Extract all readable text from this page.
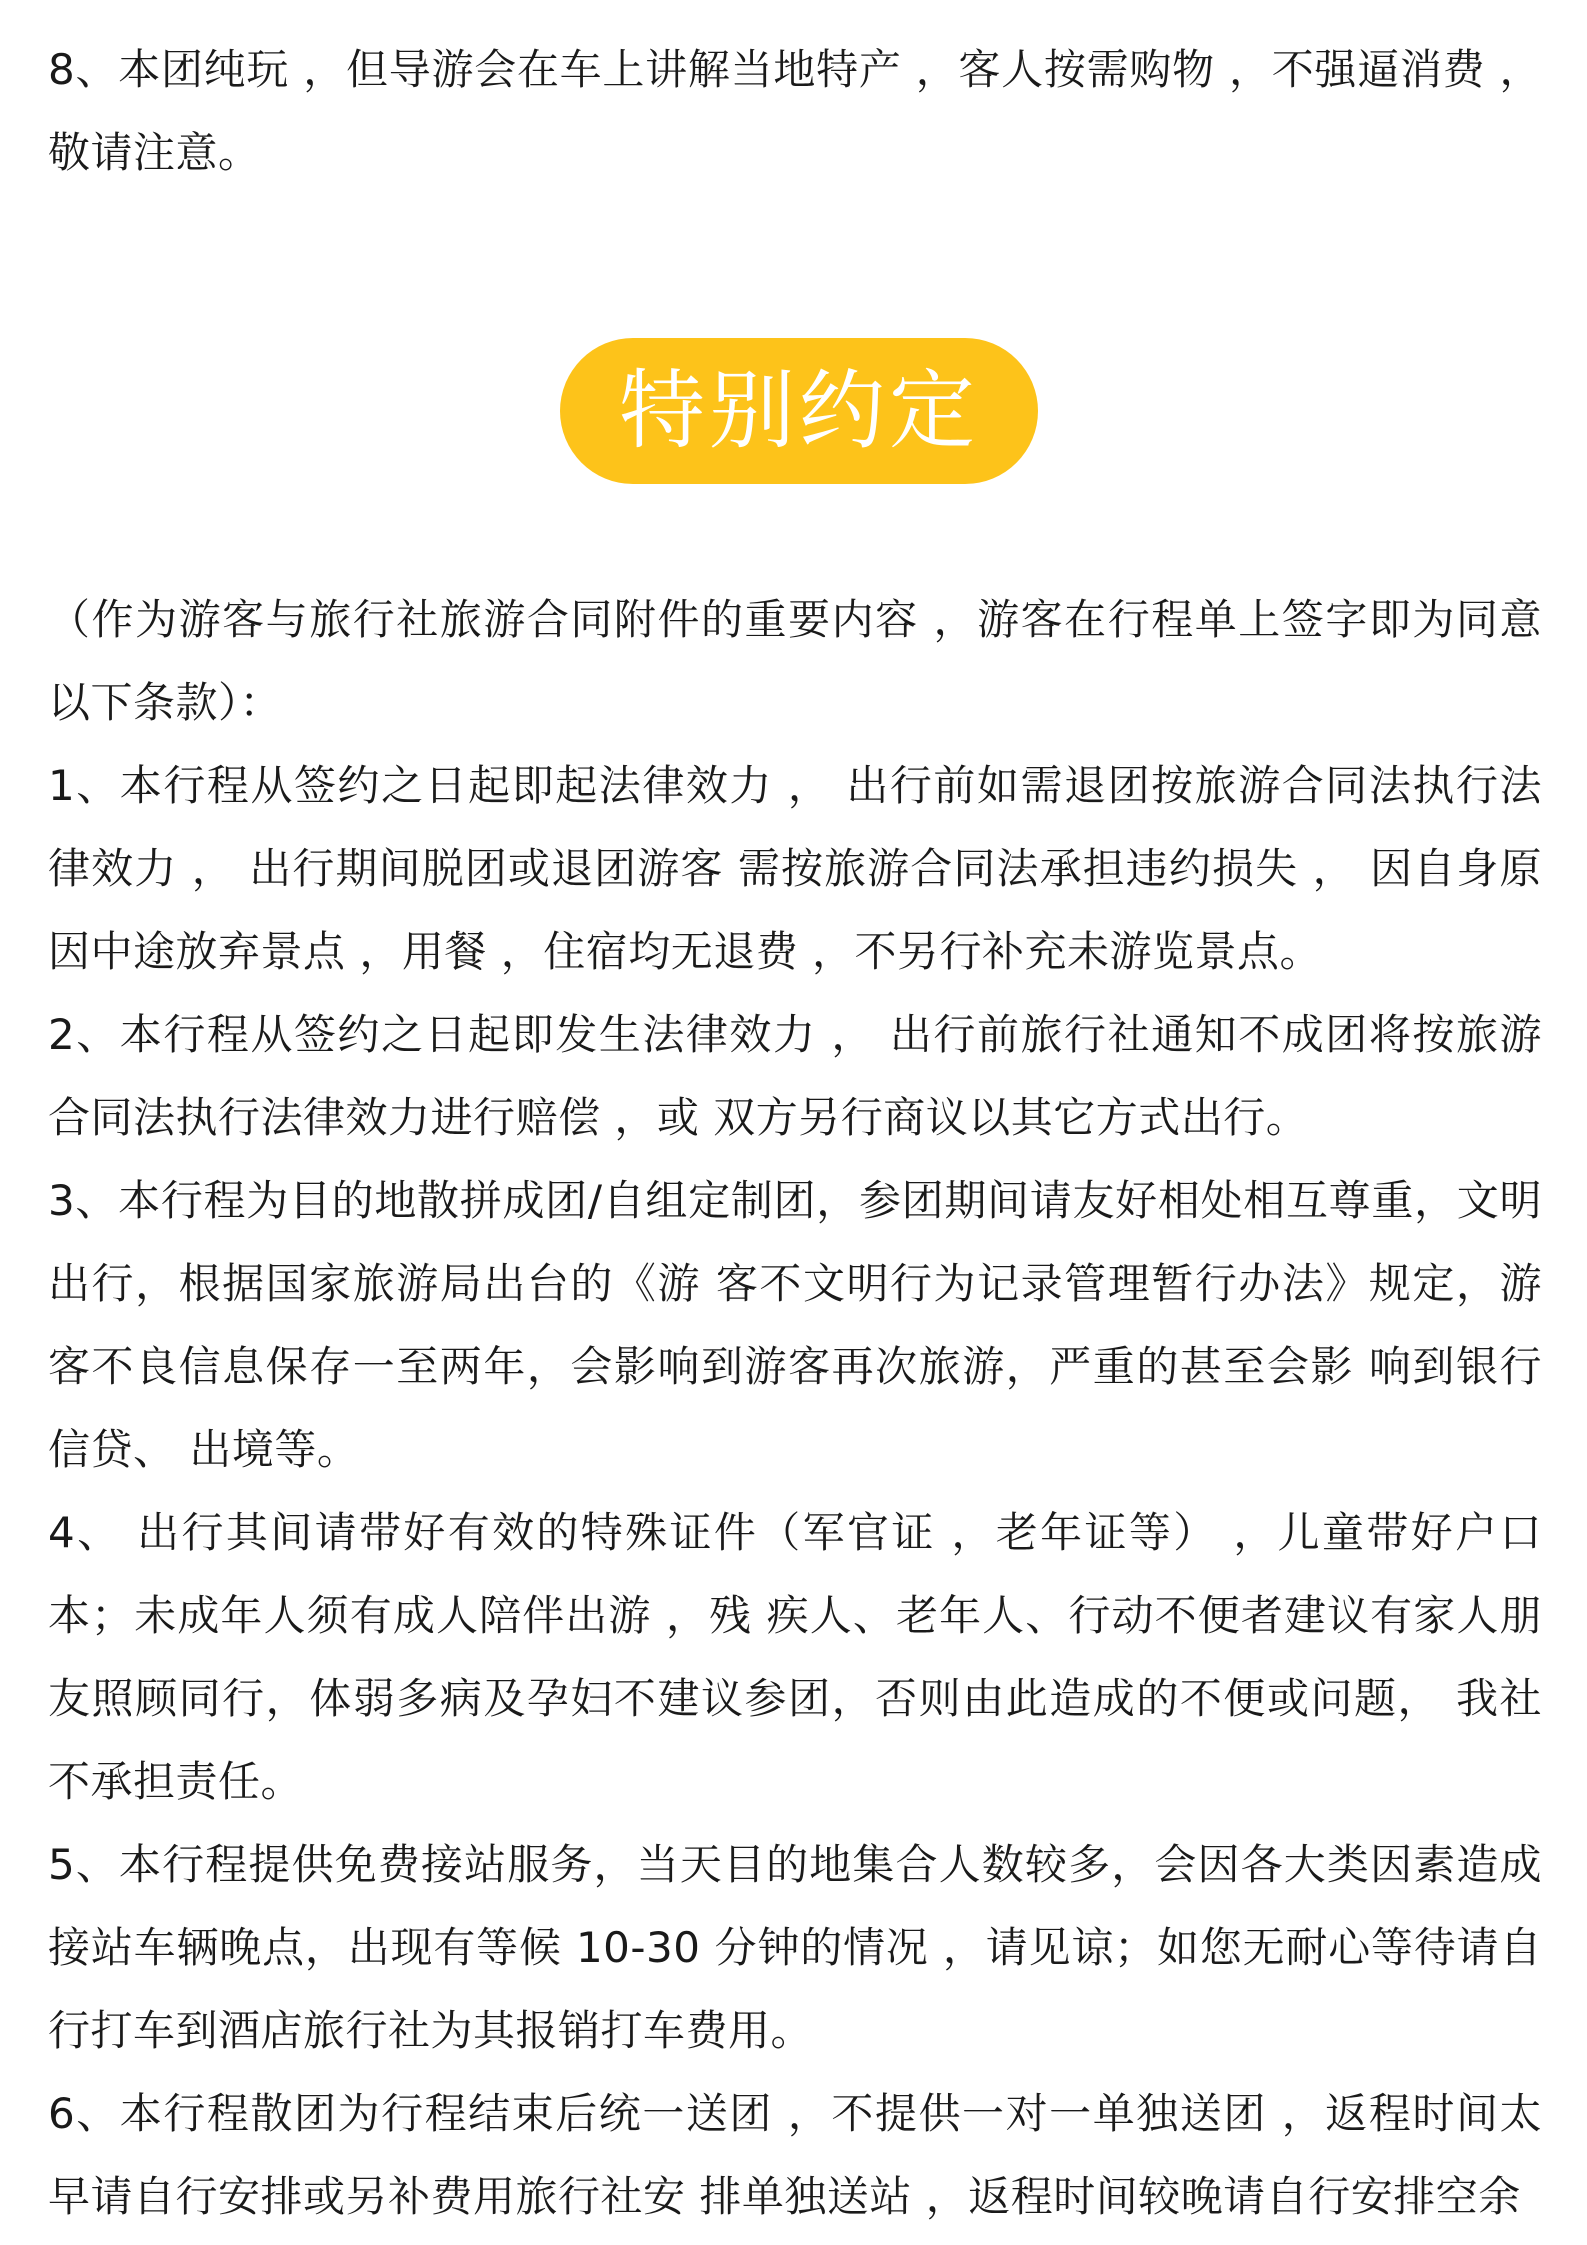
8、本团纯玩 ，但导游会在车上讲解当地特产 ，客人按需购物 ，不强逼消费 ，敬请注意。

特别约定

（作为游客与旅行社旅游合同附件的重要内容 ，游客在行程单上签字即为同意以下条款）：

1、本行程从签约之日起即起法律效力 ， 出行前如需退团按旅游合同法执行法律效力 ， 出行期间脱团或退团游客 需按旅游合同法承担违约损失 ， 因自身原因中途放弃景点 ，用餐 ，住宿均无退费 ，不另行补充未游览景点。

2、本行程从签约之日起即发生法律效力 ， 出行前旅行社通知不成团将按旅游合同法执行法律效力进行赔偿 ，或 双方另行商议以其它方式出行。

3、本行程为目的地散拼成团/自组定制团，参团期间请友好相处相互尊重，文明出行，根据国家旅游局出台的《游 客不文明行为记录管理暂行办法》规定，游客不良信息保存一至两年，会影响到游客再次旅游，严重的甚至会影 响到银行信贷、 出境等。

4、 出行其间请带好有效的特殊证件（军官证 ，老年证等） ，儿童带好户口本；未成年人须有成人陪伴出游 ，残 疾人、老年人、行动不便者建议有家人朋友照顾同行，体弱多病及孕妇不建议参团，否则由此造成的不便或问题， 我社不承担责任。

5、本行程提供免费接站服务，当天目的地集合人数较多，会因各大类因素造成接站车辆晚点，出现有等候 10-30 分钟的情况 ，请见谅；如您无耐心等待请自行打车到酒店旅行社为其报销打车费用。

6、本行程散团为行程结束后统一送团 ，不提供一对一单独送团 ，返程时间太早请自行安排或另补费用旅行社安 排单独送站 ，返程时间较晚请自行安排空余
